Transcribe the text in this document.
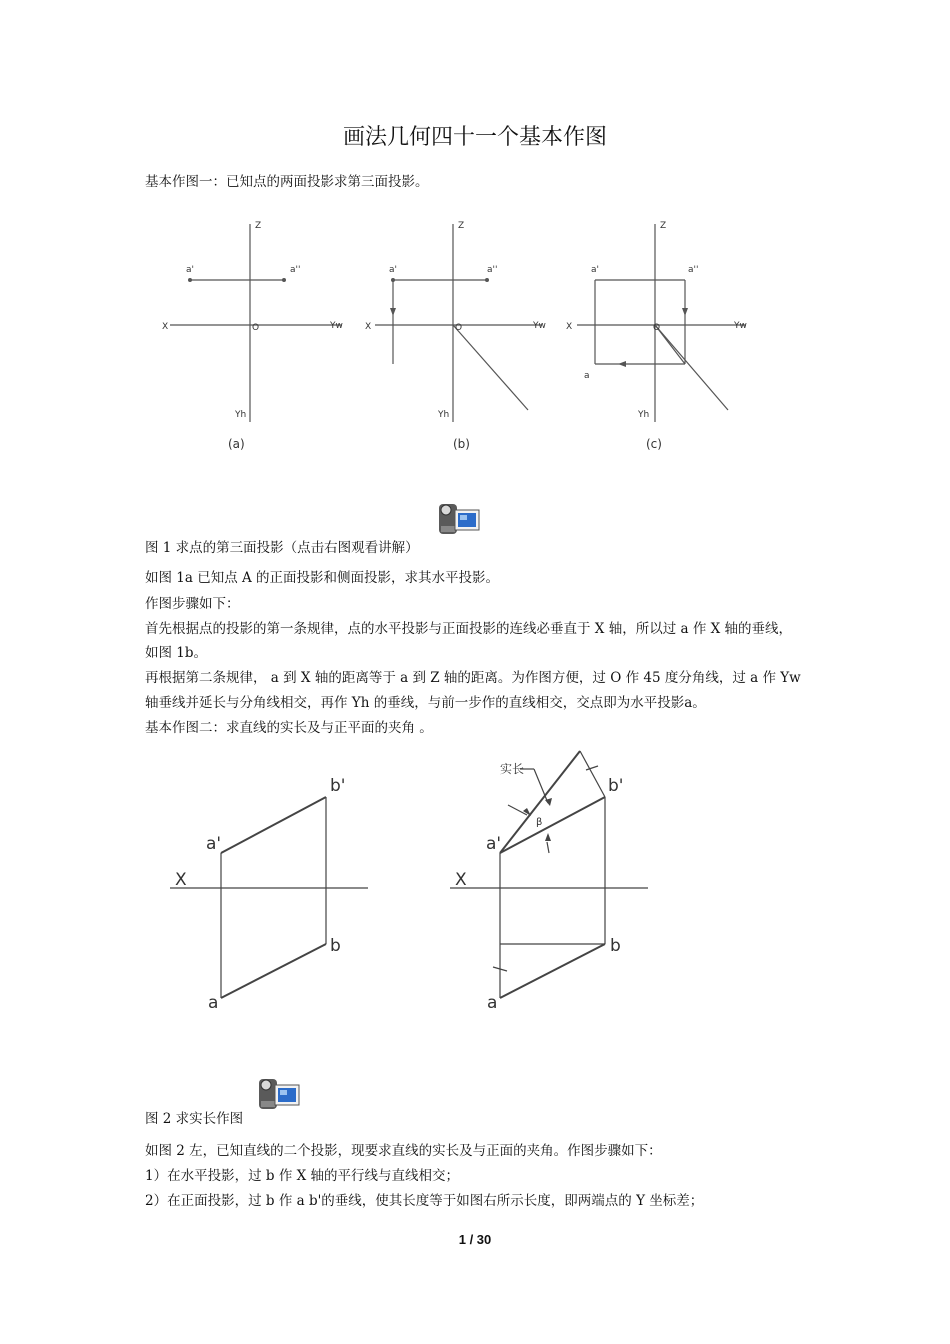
画法几何四十一个基本作图
基本作图一：已知点的两面投影求第三面投影。
Z
X	O	Yw
Yh
a'	a''
Z
X	O	Yw
Yh
a'	a''
Z
X	O	Yw
Yh
a'	a''
a
(a)	(b)	(c)
图 1 求点的第三面投影（点击右图观看讲解）
如图 1a 已知点 A 的正面投影和侧面投影，求其水平投影。
作图步骤如下：
首先根据点的投影的第一条规律，点的水平投影与正面投影的连线必垂直于 X 轴，所以过 a 作 X 轴的垂线，
如图 1b。
再根据第二条规律， a 到 X 轴的距离等于 a 到 Z 轴的距离。为作图方便，过 O 作 45 度分角线，过 a 作 Yw
轴垂线并延长与分角线相交，再作 Yh 的垂线，与前一步作的直线相交，交点即为水平投影a。
基本作图二：求直线的实长及与正平面的夹角 。
X
a'
b'
a
b
X
a'
b'
a
b
实长
β
图 2 求实长作图
如图 2 左，已知直线的二个投影，现要求直线的实长及与正面的夹角。作图步骤如下：
1）在水平投影，过 b 作 X 轴的平行线与直线相交；
2）在正面投影，过 b 作 a b'的垂线，使其长度等于如图右所示长度，即两端点的 Y 坐标差；
1 / 30
